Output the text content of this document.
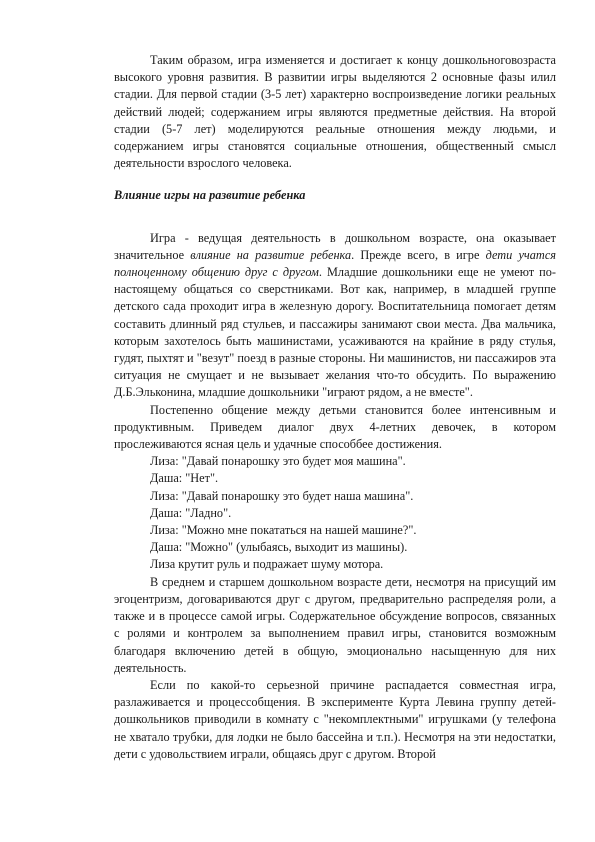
Таким образом, игра изменяется и достигает к концу дошкольноговозраста высокого уровня развития. В развитии игры выделяются 2 основные фазы илил стадии. Для первой стадии (3-5 лет) характерно воспроизведение логики реальных действий людей; содержанием игры являются предметные действия. На второй стадии (5-7 лет) моделируются реальные отношения между людьми, и содержанием игры становятся социальные отношения, общественный смысл деятельности взрослого человека.

Влияние игры на развитие ребенка

Игра - ведущая деятельность в дошкольном возрасте, она оказывает значительное влияние на развитие ребенка. Прежде всего, в игре дети учатся полноценному общению друг с другом. Младшие дошкольники еще не умеют по-настоящему общаться со сверстниками. Вот как, например, в младшей группе детского сада проходит игра в железную дорогу. Воспитательница помогает детям составить длинный ряд стульев, и пассажиры занимают свои места. Два мальчика, которым захотелось быть машинистами, усаживаются на крайние в ряду стулья, гудят, пыхтят и "везут" поезд в разные стороны. Ни машинистов, ни пассажиров эта ситуация не смущает и не вызывает желания что-то обсудить. По выражению Д.Б.Эльконина, младшие дошкольники "играют рядом, а не вместе".

Постепенно общение между детьми становится более интенсивным и продуктивным. Приведем диалог двух 4-летних девочек, в котором прослеживаются ясная цель и удачные способбее достижения.

Лиза: "Давай понарошку это будет моя машина".

Даша: "Нет".

Лиза: "Давай понарошку это будет наша машина".

Даша: "Ладно".

Лиза: "Можно мне покататься на нашей машине?".

Даша: "Можно" (улыбаясь, выходит из машины).

Лиза крутит руль и подражает шуму мотора.

В среднем и старшем дошкольном возрасте дети, несмотря на присущий им эгоцентризм, договариваются друг с другом, предварительно распределяя роли, а также и в процессе самой игры. Содержательное обсуждение вопросов, связанных с ролями и контролем за выполнением правил игры, становится возможным благодаря включению детей в общую, эмоционально насыщенную для них деятельность.

Если по какой-то серьезной причине распадается совместная игра, разлаживается и процессобщения. В эксперименте Курта Левина группу детей-дошкольников приводили в комнату с "некомплектными" игрушками (у телефона не хватало трубки, для лодки не было бассейна и т.п.). Несмотря на эти недостатки, дети с удовольствием играли, общаясь друг с другом. Второй
